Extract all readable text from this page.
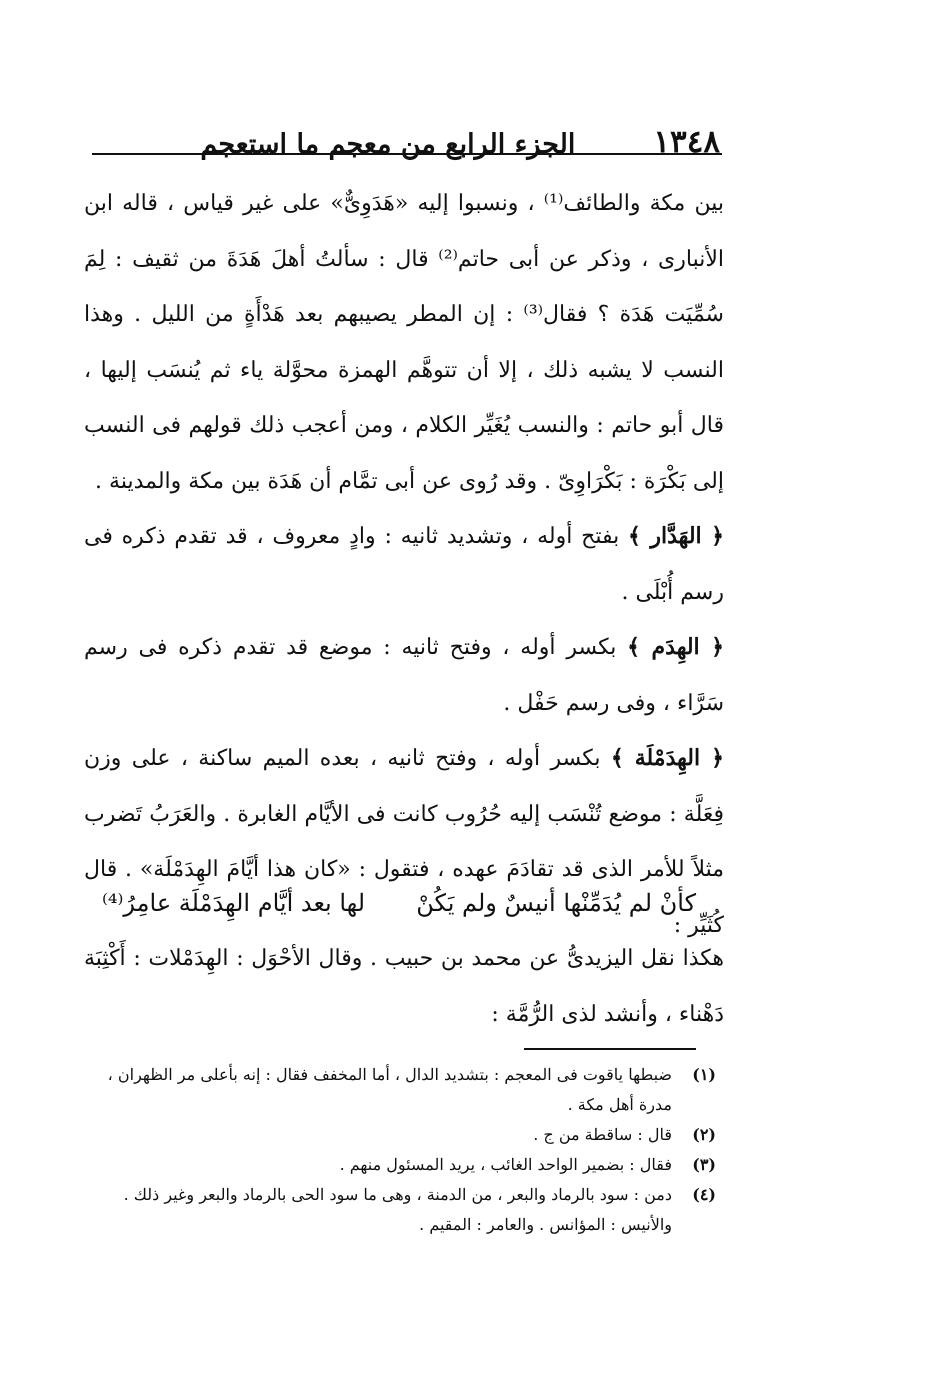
١٣٤٨
الجزء الرابع من معجم ما استعجم

بين مكة والطائف⁽¹⁾ ، ونسبوا إليه «هَدَوِىٌّ» على غير قياس ، قاله ابن الأنبارى ، وذكر عن أبى حاتم⁽²⁾ قال : سألتُ أهلَ هَدَةَ من ثقيف : لِمَ سُمِّيَت هَدَة ؟ فقال⁽³⁾ : إن المطر يصيبهم بعد هَدْأَةٍ من الليل . وهذا النسب لا يشبه ذلك ، إلا أن تتوهَّم الهمزة محوَّلة ياء ثم يُنسَب إليها ، قال أبو حاتم : والنسب يُغَيِّر الكلام ، ومن أعجب ذلك قولهم فى النسب إلى بَكْرَة : بَكْرَاوِىّ . وقد رُوى عن أبى تمَّام أن هَدَة بين مكة والمدينة .

﴿ الهَدَّار ﴾ بفتح أوله ، وتشديد ثانيه : وادٍ معروف ، قد تقدم ذكره فى رسم أُبْلَى .

﴿ الهِدَم ﴾ بكسر أوله ، وفتح ثانيه : موضع قد تقدم ذكره فى رسم سَرَّاء ، وفى رسم حَفْل .

﴿ الهِدَمْلَة ﴾ بكسر أوله ، وفتح ثانيه ، بعده الميم ساكنة ، على وزن فِعَلَّة : موضع تُنْسَب إليه حُرُوب كانت فى الأيَّام الغابرة . والعَرَبُ تَضرب مثلاً للأمر الذى قد تقادَمَ عهده ، فتقول : «كان هذا أيَّامَ الهِدَمْلَة» . قال كُثَيِّر :

كأنْ لم يُدَمِّنْها أنيسٌ ولم يَكُنْ
لها بعد أيَّام الهِدَمْلَة عامِرُ⁽⁴⁾

هكذا نقل اليزيدىُّ عن محمد بن حبيب . وقال الأحْوَل : الهِدَمْلات : أَكْثِبَة دَهْناء ، وأنشد لذى الرُّمَّة :

(١)
ضبطها ياقوت فى المعجم : بتشديد الدال ، أما المخفف فقال : إنه بأعلى مر الظهران ، مدرة أهل مكة .
(٢)
قال : ساقطة من ج .
(٣)
فقال : بضمير الواحد الغائب ، يريد المسئول منهم .
(٤)
دمن : سود بالرماد والبعر ، من الدمنة ، وهى ما سود الحى بالرماد والبعر وغير ذلك . والأنيس : المؤانس . والعامر : المقيم .
